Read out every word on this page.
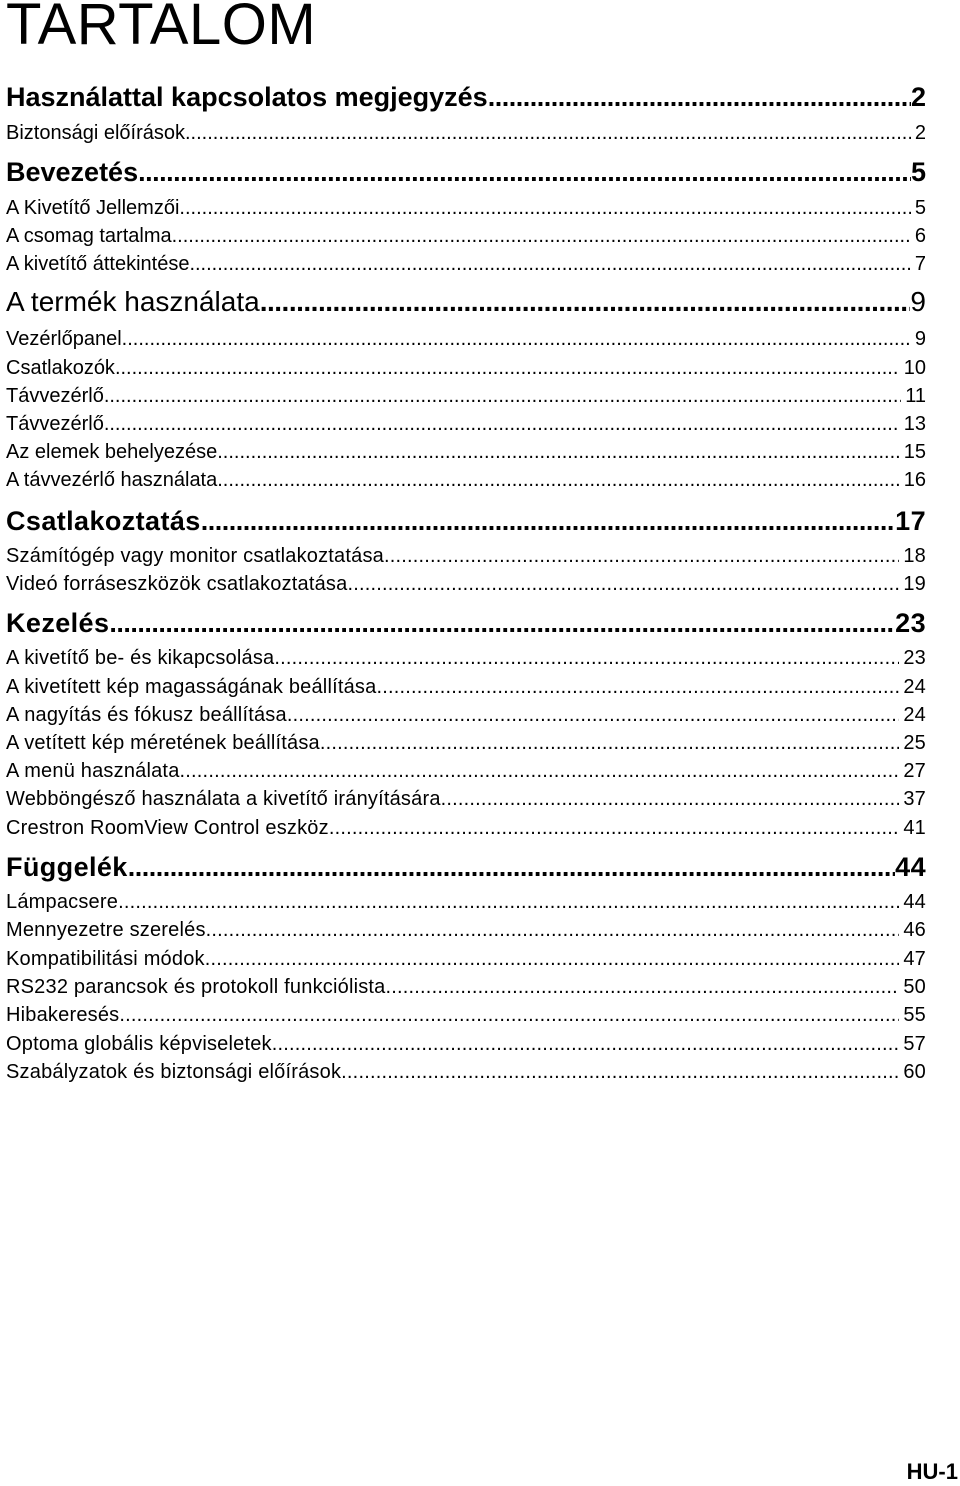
TARTALOM
Használattal kapcsolatos megjegyzés .....	2
Biztonsági előírások .....	2
Bevezetés .....	5
A Kivetítő Jellemzői .....	5
A csomag tartalma .....	6
A kivetítő áttekintése .....	7
A termék használata .....	9
Vezérlőpanel .....	9
Csatlakozók .....	10
Távvezérlő .....	11
Távvezérlő .....	13
Az elemek behelyezése .....	15
A távvezérlő használata .....	16
Csatlakoztatás .....	17
Számítógép vagy monitor csatlakoztatása .....	18
Videó forráseszközök csatlakoztatása .....	19
Kezelés .....	23
A kivetítő be- és kikapcsolása .....	23
A kivetített kép magasságának beállítása .....	24
A nagyítás és fókusz beállítása .....	24
A vetített kép méretének beállítása .....	25
A menü használata .....	27
Webböngésző használata a kivetítő irányítására .....	37
Crestron RoomView Control eszköz .....	41
Függelék .....	44
Lámpacsere .....	44
Mennyezetre szerelés .....	46
Kompatibilitási módok .....	47
RS232 parancsok és protokoll funkciólista .....	50
Hibakeresés .....	55
Optoma globális képviseletek .....	57
Szabályzatok és biztonsági előírások .....	60
HU-1
